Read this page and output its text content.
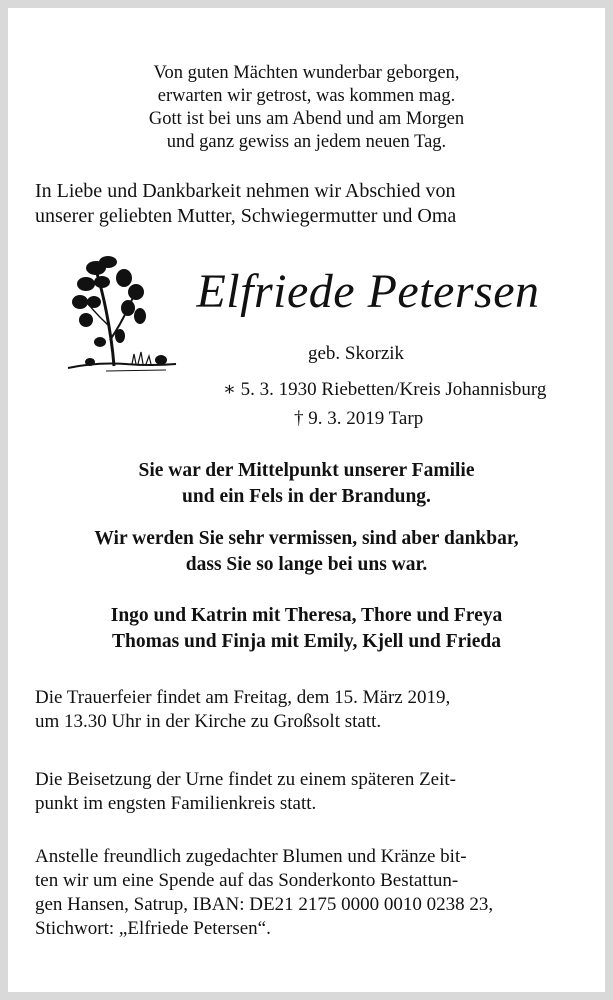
Von guten Mächten wunderbar geborgen,
erwarten wir getrost, was kommen mag.
Gott ist bei uns am Abend und am Morgen
und ganz gewiss an jedem neuen Tag.
In Liebe und Dankbarkeit nehmen wir Abschied von
unserer geliebten Mutter, Schwiegermutter und Oma
Elfriede Petersen
geb. Skorzik
∗ 5. 3. 1930 Riebetten/Kreis Johannisburg
† 9. 3. 2019 Tarp
Sie war der Mittelpunkt unserer Familie
und ein Fels in der Brandung.
Wir werden Sie sehr vermissen, sind aber dankbar,
dass Sie so lange bei uns war.
Ingo und Katrin mit Theresa, Thore und Freya
Thomas und Finja mit Emily, Kjell und Frieda
Die Trauerfeier findet am Freitag, dem 15. März 2019,
um 13.30 Uhr in der Kirche zu Großsolt statt.
Die Beisetzung der Urne findet zu einem späteren Zeit-
punkt im engsten Familienkreis statt.
Anstelle freundlich zugedachter Blumen und Kränze bit-
ten wir um eine Spende auf das Sonderkonto Bestattun-
gen Hansen, Satrup, IBAN: DE21 2175 0000 0010 0238 23,
Stichwort: „Elfriede Petersen“.
